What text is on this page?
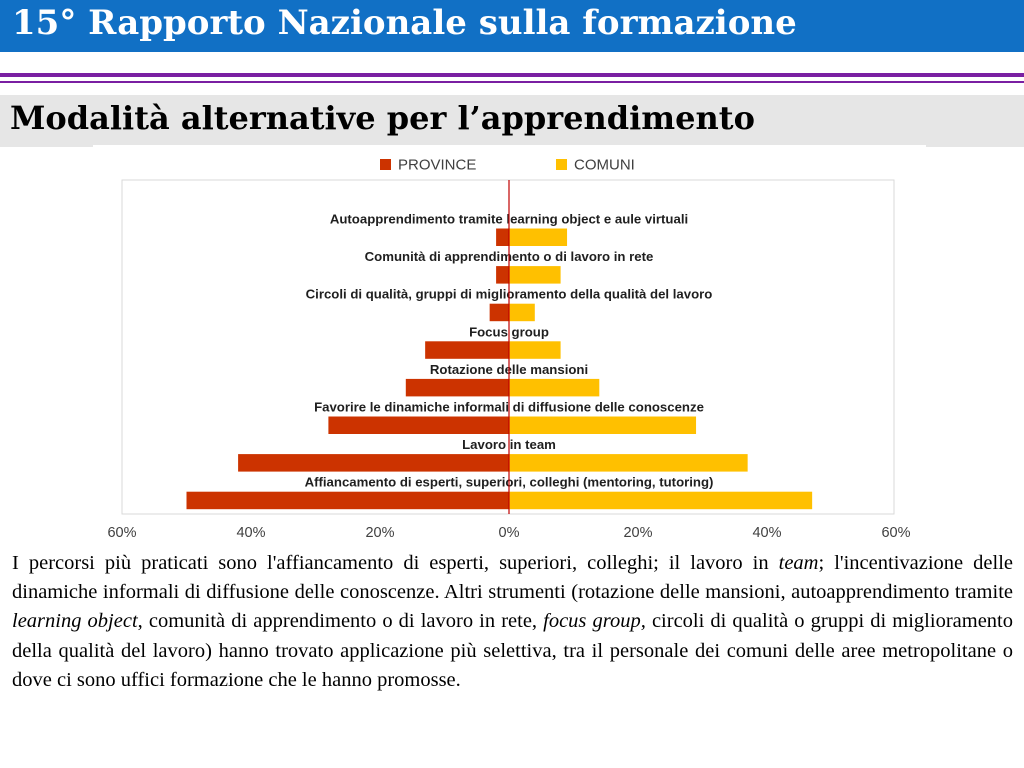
15° Rapporto Nazionale sulla formazione
Modalità alternative per l’apprendimento
PROVINCE	COMUNI
Autoapprendimento tramite learning object e aule virtuali
Comunità di apprendimento o di lavoro in rete
Circoli di qualità, gruppi di miglioramento della qualità del lavoro
Focus group
Rotazione delle mansioni
Favorire le dinamiche informali di diffusione delle conoscenze
Lavoro in team
Affiancamento di esperti, superiori, colleghi (mentoring, tutoring)
60%	40%	20%	0%	20%	40%	60%

I percorsi più praticati sono l'affiancamento di esperti, superiori, colleghi; il lavoro in team; l'incentivazione delle dinamiche informali di diffusione delle conoscenze. Altri strumenti (rotazione delle mansioni, autoapprendimento tramite learning object, comunità di apprendimento o di lavoro in rete, focus group, circoli di qualità o gruppi di miglioramento della qualità del lavoro) hanno trovato applicazione più selettiva, tra il personale dei comuni delle aree metropolitane o dove ci sono uffici formazione che le hanno promosse.
